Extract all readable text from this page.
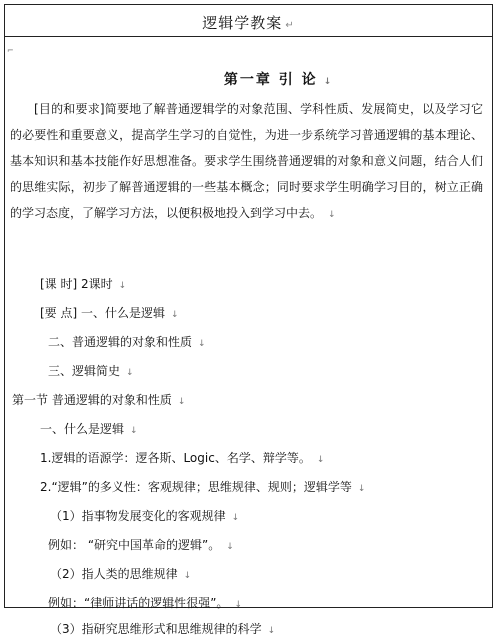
逻辑学教案 ↵
⌐
第一章 引 论 ↓
[目的和要求]简要地了解普通逻辑学的对象范围、学科性质、发展简史，以及学习它的必要性和重要意义，提高学生学习的自觉性，为进一步系统学习普通逻辑的基本理论、基本知识和基本技能作好思想准备。要求学生围绕普通逻辑的对象和意义问题，结合人们的思维实际，初步了解普通逻辑的一些基本概念；同时要求学生明确学习目的，树立正确的学习态度，了解学习方法，以便积极地投入到学习中去。 ↓
[课 时] 2课时 ↓
[要 点] 一、什么是逻辑 ↓
二、普通逻辑的对象和性质 ↓
三、逻辑简史 ↓
第一节 普通逻辑的对象和性质 ↓
一、什么是逻辑 ↓
1.逻辑的语源学：逻各斯、Logic、名学、辩学等。 ↓
2.“逻辑”的多义性：客观规律；思维规律、规则；逻辑学等 ↓
（1）指事物发展变化的客观规律 ↓
例如： “研究中国革命的逻辑”。 ↓
（2）指人类的思维规律 ↓
例如：“律师讲话的逻辑性很强”。 ↓
（3）指研究思维形式和思维规律的科学 ↓
